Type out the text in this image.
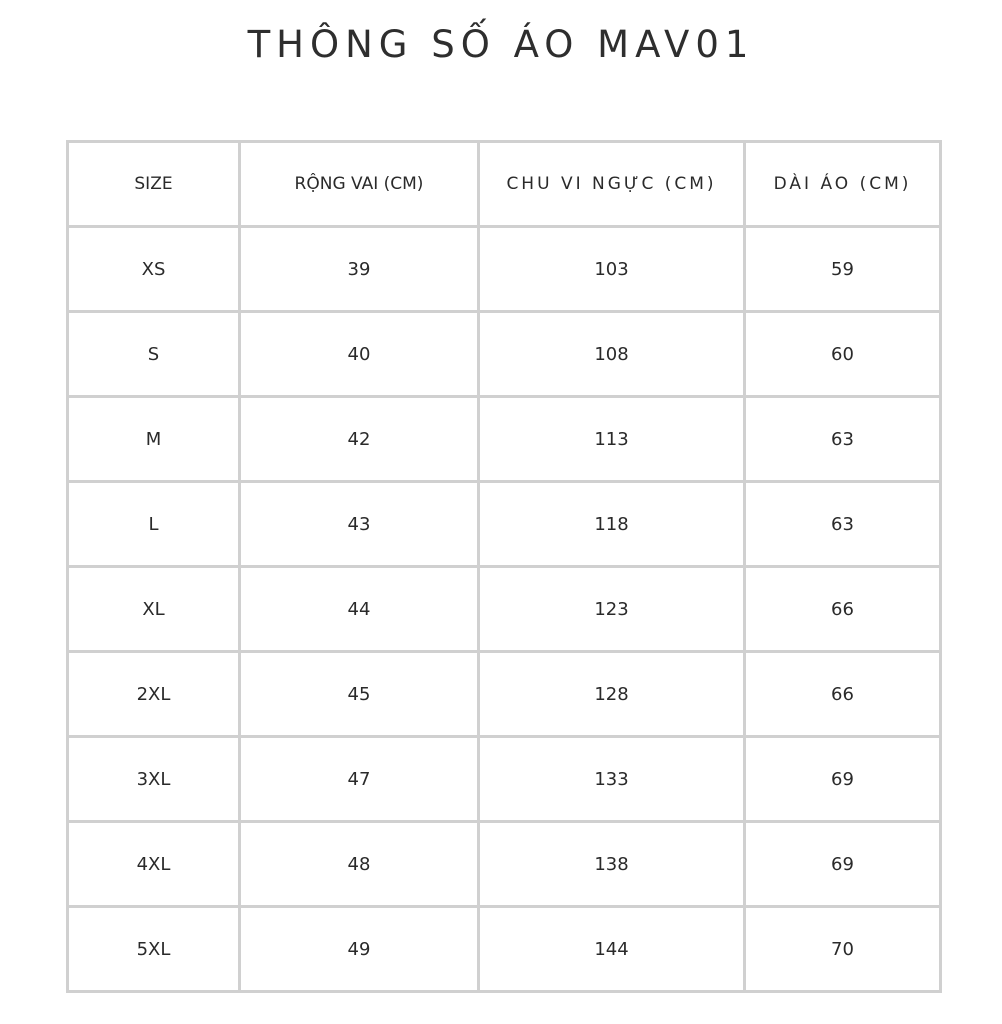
THÔNG SỐ ÁO MAV01
SIZE	RỘNG VAI (CM)	CHU VI NGỰC (CM)	DÀI ÁO (CM)
XS	39	103	59
S	40	108	60
M	42	113	63
L	43	118	63
XL	44	123	66
2XL	45	128	66
3XL	47	133	69
4XL	48	138	69
5XL	49	144	70
